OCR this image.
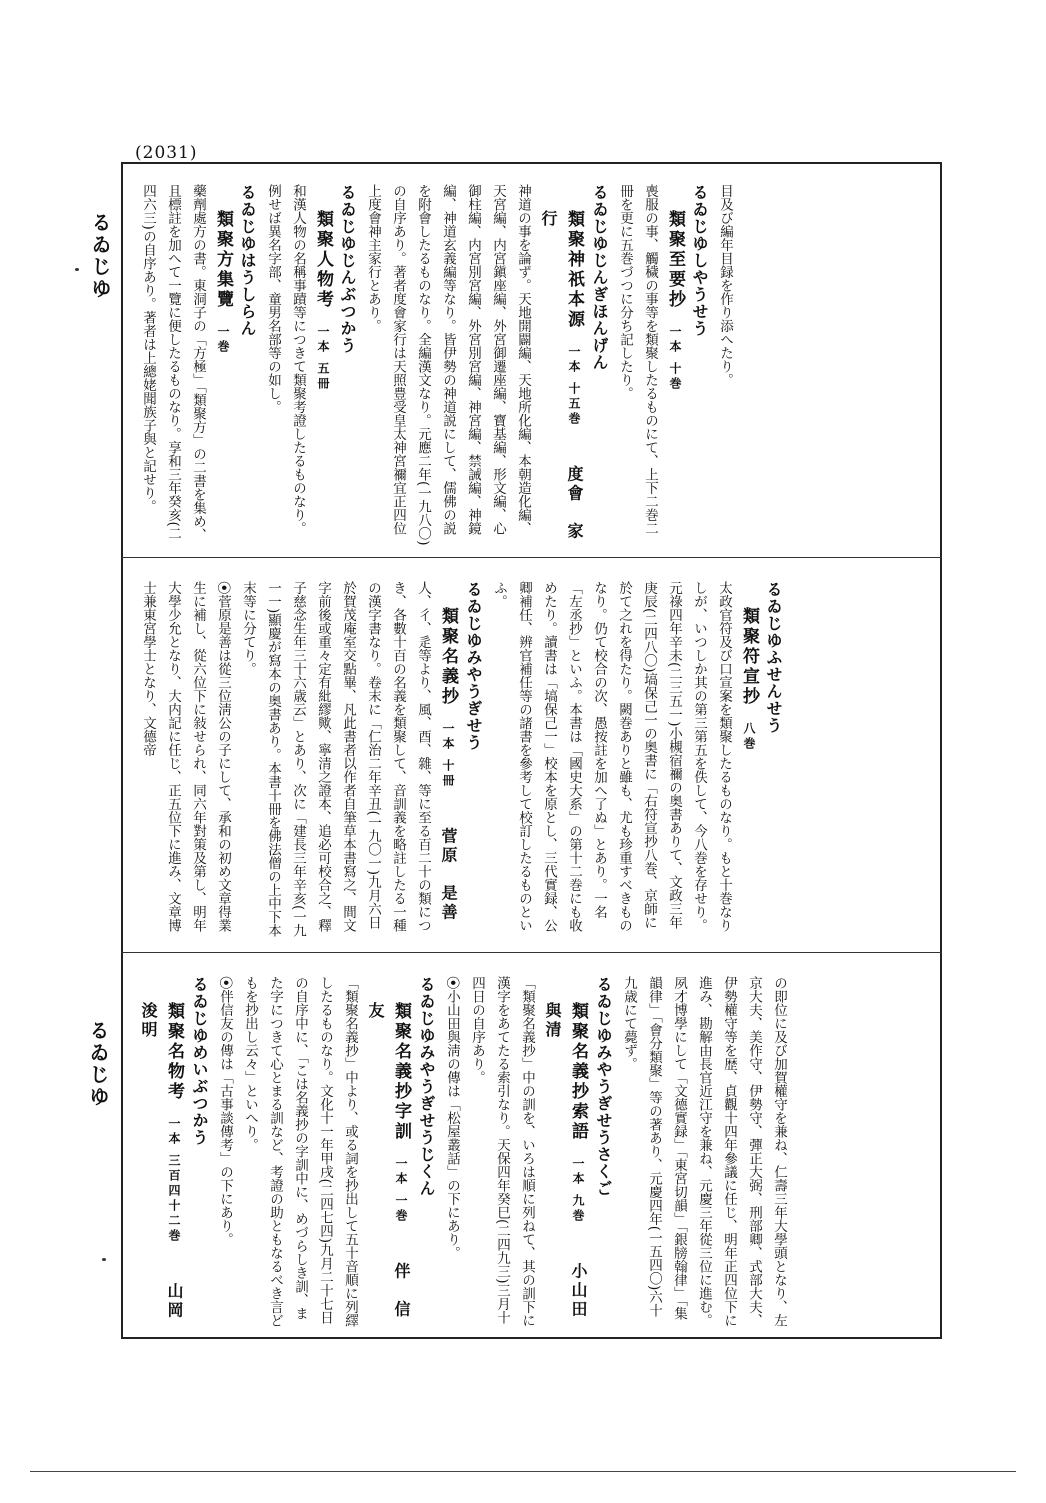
(2031)
るゐじゆ
るゐじゆ

目及び編年目録を作り添へたり。

るゐじゆしやうせう

類聚至要抄　一本 十巻

喪服の事、觸穢の事等を類聚したるものにて、上下二巻二冊を更に五巻づつに分ち記したり。

るゐじゆじんぎほんげん

類聚神祇本源　一本 十五巻　　度會　家行

神道の事を論ず。天地開闢編、天地所化編、本朝造化編、天宮編、内宮鎭座編、外宮御遷座編、寶基編、形文編、心御柱編、内宮別宮編、外宮別宮編、神宮編、禁誡編、神鏡編、神道玄義編等なり。皆伊勢の神道説にして、儒佛の説を附會したるものなり。全編漢文なり。元應二年(一九八〇)の自序あり。著者度會家行は天照豊受皇太神宮禰宜正四位上度會神主家行とあり。

るゐじゆじんぶつかう

類聚人物考　一本 五冊

和漢人物の名稱事蹟等につきて類聚考證したるものなり。例せば異名字部、童男名部等の如し。

るゐじゆはうしらん

類聚方集覽　一巻

藥劑處方の書。東洞子の「方極」「類聚方」の二書を集め、且標註を加へて一覽に便したるものなり。享和三年癸亥(二四六三)の自序あり。著者は上總姥聞族子與と記せり。

るゐじゆふせんせう

類聚符宣抄　八巻

太政官符及び口宣案を類聚したるものなり。もと十巻なりしが、いつしか其の第三第五を佚して、今八巻を存せり。元祿四年辛未(二三五一)小槻宿禰の奥書ありて、文政三年庚辰(二四八〇)塙保己一の奥書に「右符宣抄八巻、京師に於て之れを得たり。闕巻ありと雖も、尤も珍重すべきものなり。仍て校合の次、愚按註を加へ了ぬ」とあり。一名「左丞抄」といふ。本書は「國史大系」の第十二巻にも收めたり。讀書は「塙保己一」校本を原とし、三代實録、公卿補任、辨官補任等の諸書を參考して校訂したるものといふ。

るゐじゆみやうぎせう

類聚名義抄　一本 十冊　　菅原　是善

人、彳、辵等より、風、酉、雜、等に至る百二十の類につき、各數十百の名義を類聚して、音訓義を略註したる一種の漢字書なり。卷末に「仁治二年辛丑(一九〇一)九月六日於賀茂庵室交點畢、凡此書者以作者自筆草本書寫之、間文字前後或重々定有紕繆歟、寧清之證本、追必可校合之、釋子慈念生年三十六歳云」とあり、次に「建長三年辛亥(一九一一)顯慶が寫本の奥書あり。本書十冊を佛法僧の上中下本末等に分てり。

⦿菅原是善は從三位淸公の子にして、承和の初め文章得業生に補し、從六位下に敍せられ、同六年對策及第し、明年大學少允となり、大内記に任じ、正五位下に進み、文章博士兼東宮學士となり、文德帝

の即位に及び加賀權守を兼ね、仁壽三年大學頭となり、左京大夫、美作守、伊勢守、彈正大弼、刑部卿、式部大夫、伊勢權守等を歴、貞觀十四年參議に任じ、明年正四位下に進み、勘解由長官近江守を兼ね、元慶三年從三位に進む。夙才博學にして「文德實録」「東宮切韻」「銀牓翰律」「集韻律」「會分類聚」等の著あり、元慶四年(一五四〇)六十九歳にて薨ず。

るゐじゆみやうぎせうさくご

類聚名義抄索語　一本 九巻　　小山田與清

「類聚名義抄」中の訓を、いろは順に列ねて、其の訓下に漢字をあてたる索引なり。天保四年癸巳(二四九三)三月十四日の自序あり。

⦿小山田與淸の傳は「松屋叢話」の下にあり。

るゐじゆみやうぎせうじくん

類聚名義抄字訓　一本 一巻　　伴　信友

「類聚名義抄」中より、或る詞を抄出して五十音順に列繹したるものなり。文化十一年甲戌(二四七四)九月二十七日の自序中に、「こは名義抄の字訓中に、めづらしき訓、また字につきて心とまる訓など、考證の助ともなるべき言どもを抄出し云々」といへり。

⦿伴信友の傳は「古事談傳考」の下にあり。

るゐじゆめいぶつかう

類聚名物考　一本 三百四十二巻　　山岡　浚明
